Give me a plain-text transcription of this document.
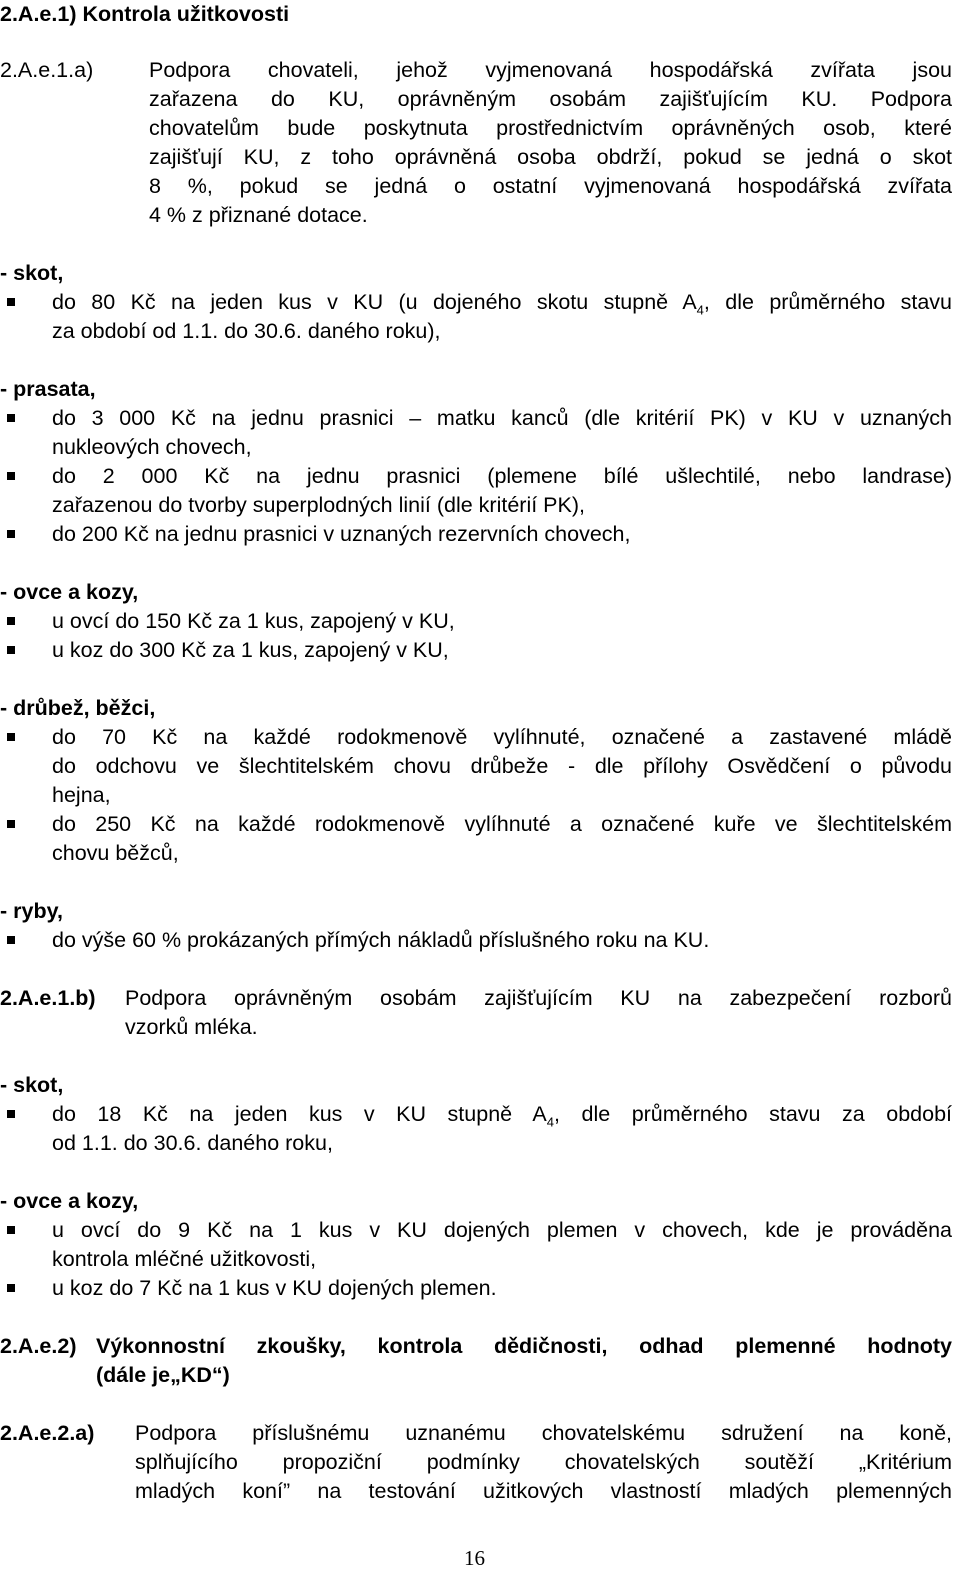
2.A.e.1) Kontrola užitkovosti
2.A.e.1.a)	Podpora chovateli, jehož vyjmenovaná hospodářská zvířata jsou
zařazena do KU, oprávněným osobám zajišťujícím KU. Podpora
chovatelům bude poskytnuta prostřednictvím oprávněných osob, které
zajišťují KU, z toho oprávněná osoba obdrží, pokud se jedná o skot
8 %, pokud se jedná o ostatní vyjmenovaná hospodářská zvířata
4 % z přiznané dotace.
- skot,
do 80 Kč na jeden kus v KU (u dojeného skotu stupně $A_4$, dle průměrného stavu
za období od 1.1. do 30.6. daného roku),
- prasata,
do 3 000 Kč na jednu prasnici – matku kanců (dle kritérií PK) v KU v uznaných
nukleových chovech,
do 2 000 Kč na jednu prasnici (plemene bílé ušlechtilé, nebo landrase)
zařazenou do tvorby superplodných linií (dle kritérií PK),
do 200 Kč na jednu prasnici v uznaných rezervních chovech,
- ovce a kozy,
u ovcí do 150 Kč za 1 kus, zapojený v KU,
u koz do 300 Kč za 1 kus, zapojený v KU,
- drůbež, běžci,
do 70 Kč na každé rodokmenově vylíhnuté, označené a zastavené mládě
do odchovu ve šlechtitelském chovu drůbeže - dle přílohy Osvědčení o původu
hejna,
do 250 Kč na každé rodokmenově vylíhnuté a označené kuře ve šlechtitelském
chovu běžců,
- ryby,
do výše 60 % prokázaných přímých nákladů příslušného roku na KU.
2.A.e.1.b) Podpora oprávněným osobám zajišťujícím KU na zabezpečení rozborů
vzorků mléka.
- skot,
do 18 Kč na jeden kus v KU stupně $A_4$, dle průměrného stavu za období
od 1.1. do 30.6. daného roku,
- ovce a kozy,
u ovcí do 9 Kč na 1 kus v KU dojených plemen v chovech, kde je prováděna
kontrola mléčné užitkovosti,
u koz do 7 Kč na 1 kus v KU dojených plemen.
2.A.e.2) Výkonnostní zkoušky, kontrola dědičnosti, odhad plemenné hodnoty
(dále je„KD“)
2.A.e.2.a) Podpora příslušnému uznanému chovatelskému sdružení na koně,
splňujícího propoziční podmínky chovatelských soutěží „Kritérium
mladých koní” na testování užitkových vlastností mladých plemenných
16
